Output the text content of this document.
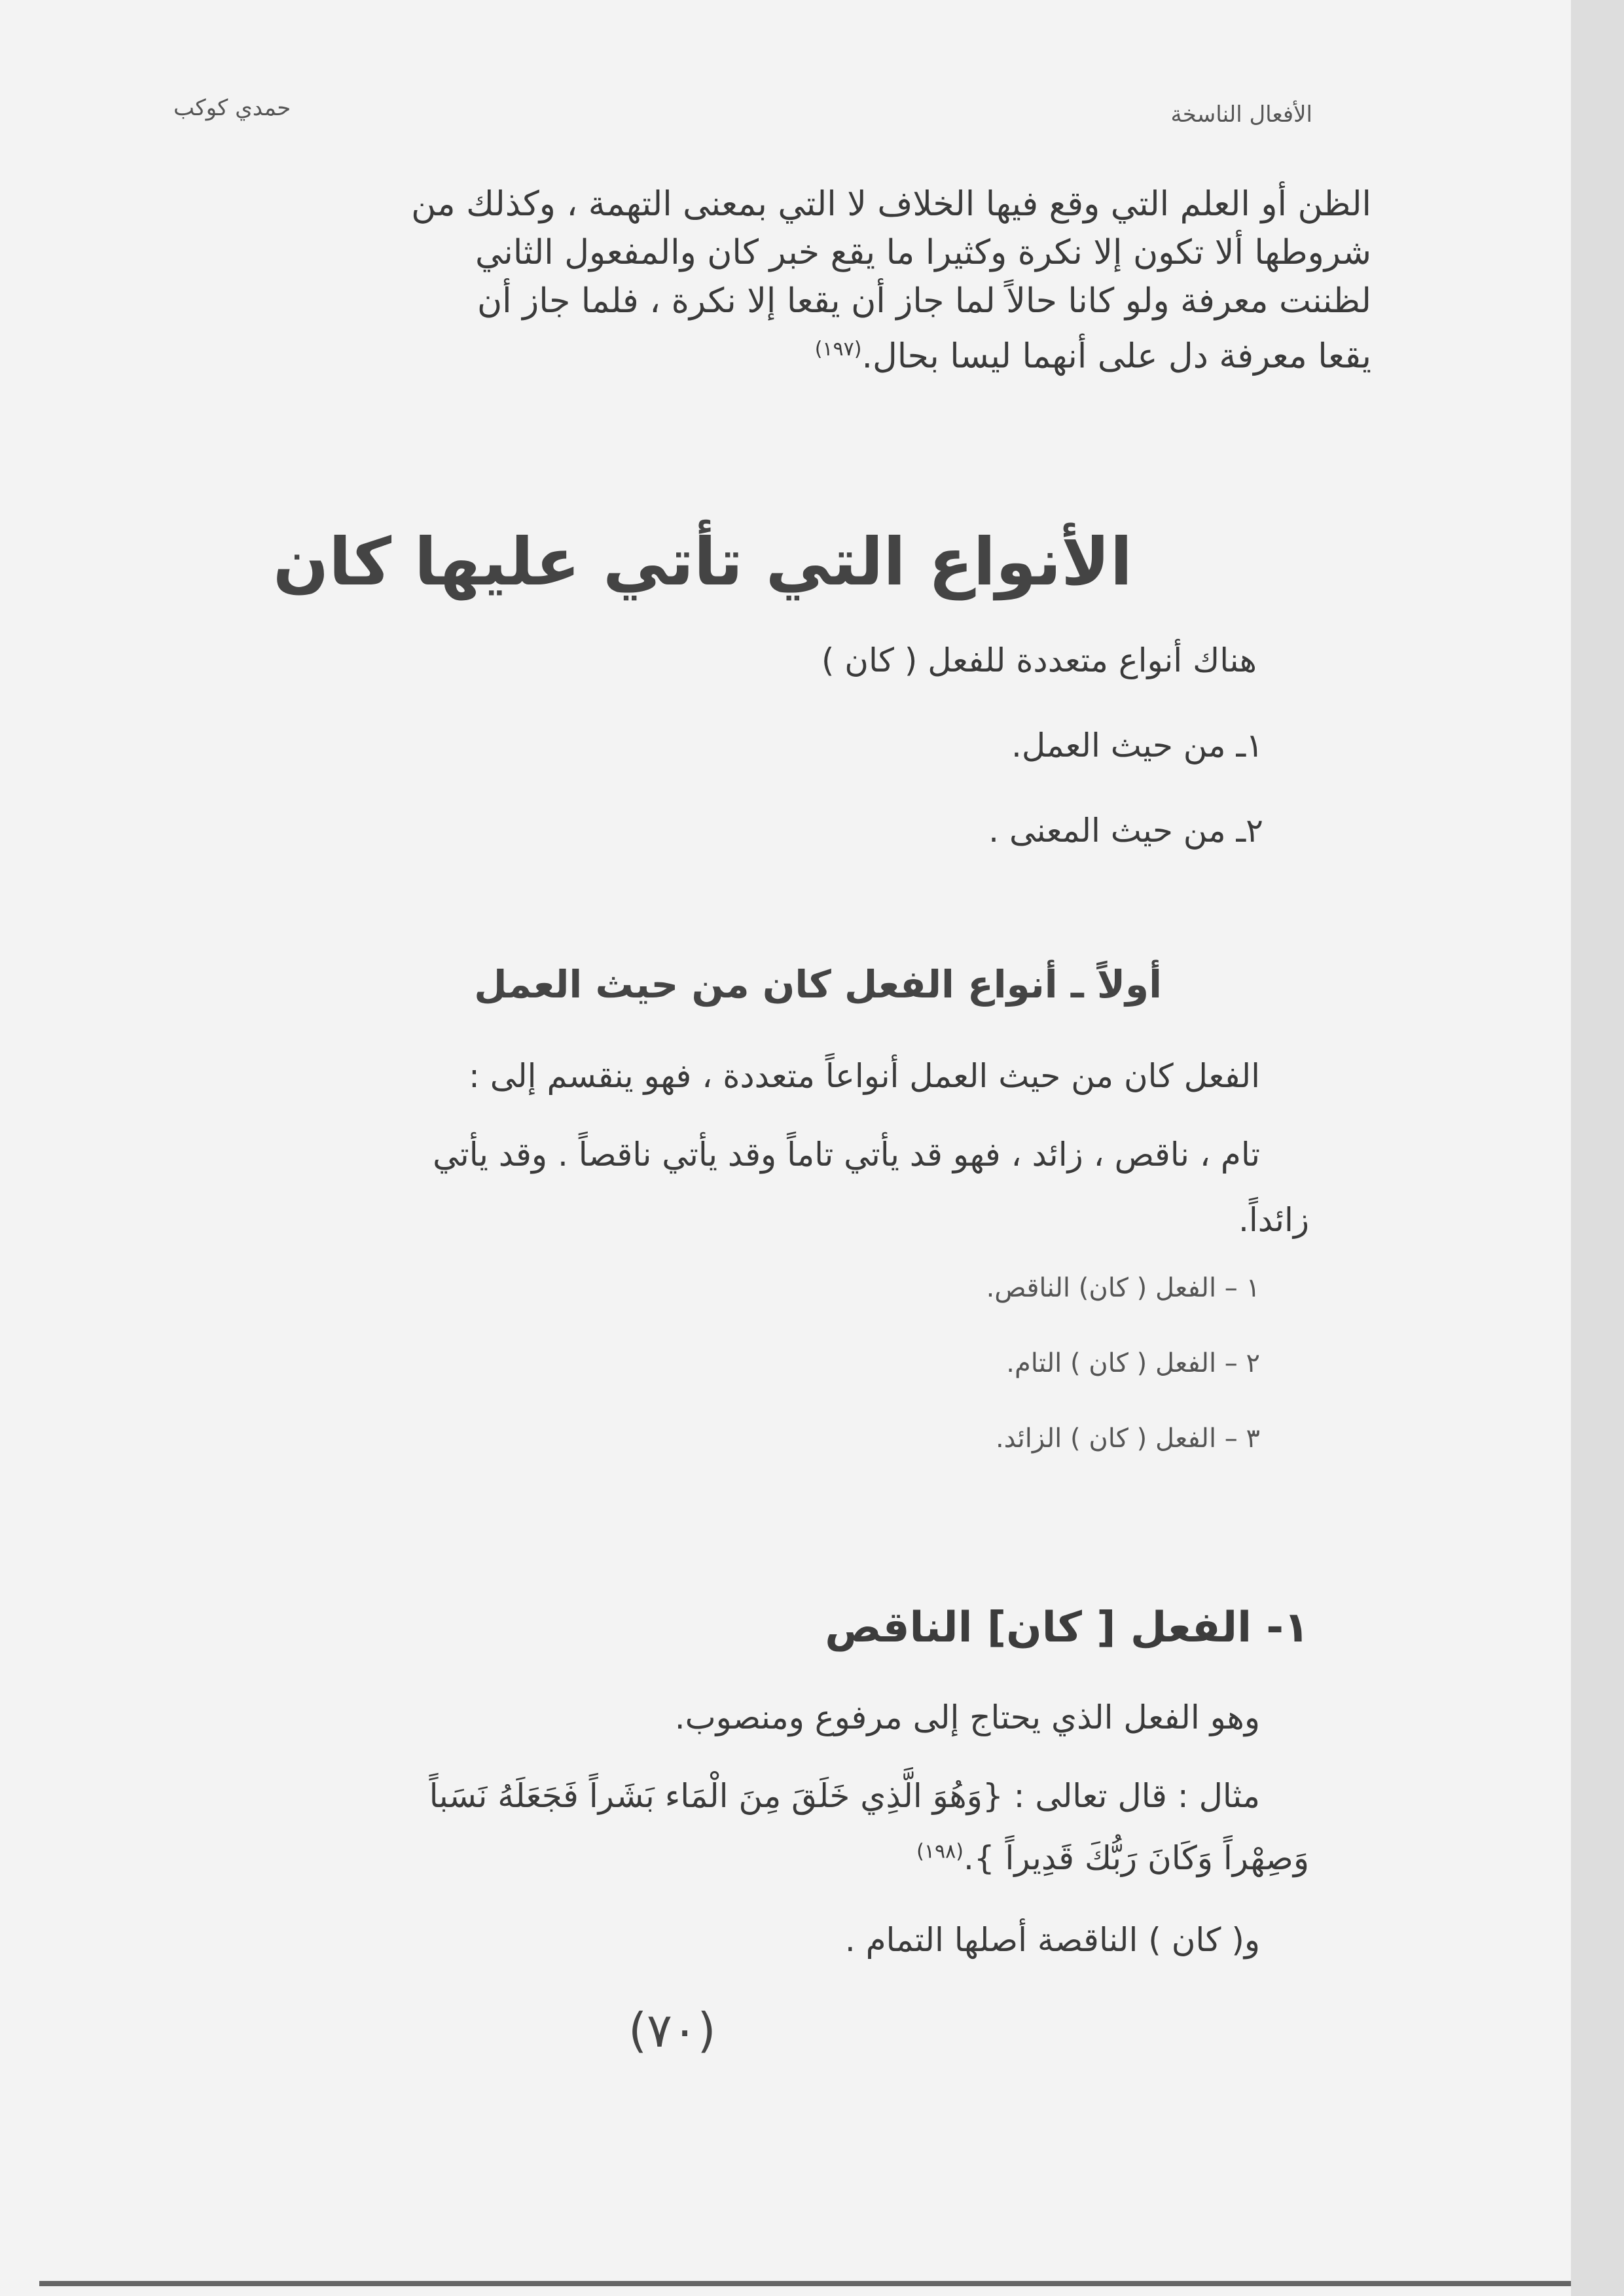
حمدي كوكب	الأفعال الناسخة

الظن أو العلم التي وقع فيها الخلاف لا التي بمعنى التهمة ، وكذلك من

شروطها ألا تكون إلا نكرة وكثيرا ما يقع خبر كان والمفعول الثاني

لظننت معرفة ولو كانا حالاً لما جاز أن يقعا إلا نكرة ، فلما جاز أن

يقعا معرفة دل على أنهما ليسا بحال.$^{(١٩٧)}$

الأنواع التي تأتي عليها كان
هناك أنواع متعددة للفعل ( كان )
١ـ من حيث العمل.
٢ـ من حيث المعنى .
أولاً ـ أنواع الفعل كان من حيث العمل
الفعل كان من حيث العمل أنواعاً متعددة ، فهو ينقسم إلى :
تام ، ناقص ، زائد ، فهو قد يأتي تاماً وقد يأتي ناقصاً . وقد يأتي
زائداً.
١ – الفعل ( كان) الناقص.
٢ – الفعل ( كان ) التام.
٣ – الفعل ( كان ) الزائد.
١- الفعل [ كان] الناقص
وهو الفعل الذي يحتاج إلى مرفوع ومنصوب.
مثال : قال تعالى : {وَهُوَ الَّذِي خَلَقَ مِنَ الْمَاء بَشَراً فَجَعَلَهُ نَسَباً
وَصِهْراً وَكَانَ رَبُّكَ قَدِيراً }.$^{(١٩٨)}$
و( كان ) الناقصة أصلها التمام .
(٧٠)
